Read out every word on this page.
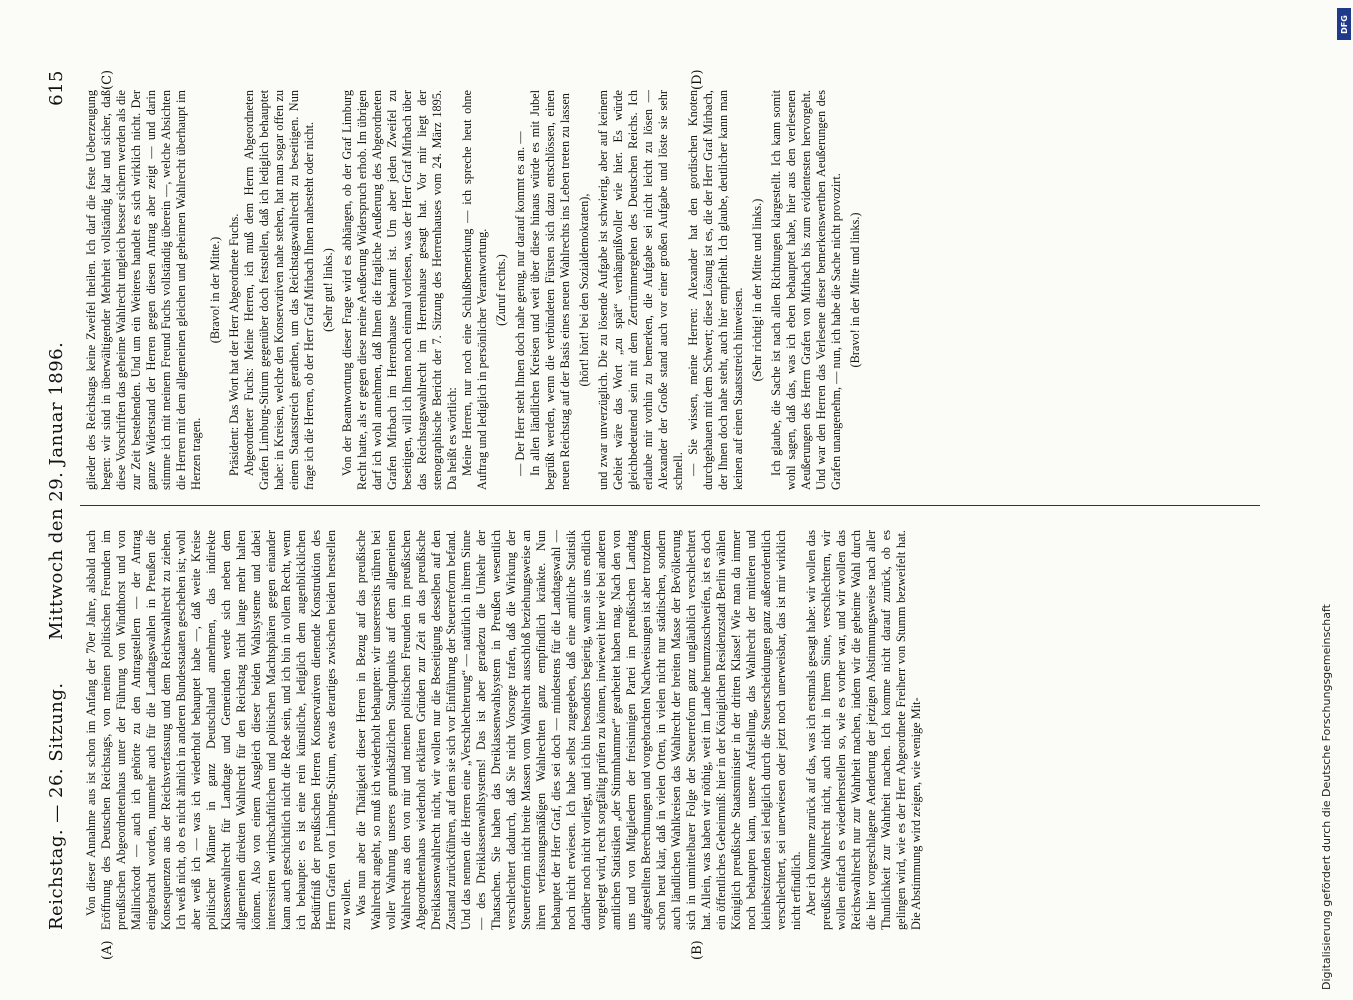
Reichstag. — 26. Sitzung.
Mittwoch den 29. Januar 1896.
615
(A)	(B)
(C)	(D)

Von dieser Annahme aus ist schon im Anfang der 70er Jahre, alsbald nach Eröffnung des Deutschen Reichstags, von meinen politischen Freunden im preußischen Abgeordnetenhaus unter der Führung von Windthorst und von Mallinckrodt — auch ich gehörte zu den Antragstellern — der Antrag eingebracht worden, nunmehr auch für die Landtagswahlen in Preußen die Konsequenzen aus der Reichsverfassung und dem Reichswahlrecht zu ziehen. Ich weiß nicht, ob es nicht ähnlich in anderen Bundesstaaten geschehen ist; wohl aber weiß ich — was ich wiederholt behauptet habe —, daß weite Kreise politischer Männer in ganz Deutschland annehmen, das indirekte Klassenwahlrecht für Landtage und Gemeinden werde sich neben dem allgemeinen direkten Wahlrecht für den Reichstag nicht lange mehr halten können. Also von einem Ausgleich dieser beiden Wahlsysteme und dabei interessirten wirthschaftlichen und politischen Machtsphären gegen einander kann auch geschichtlich nicht die Rede sein, und ich bin in vollem Recht, wenn ich behaupte: es ist eine rein künstliche, lediglich dem augenblicklichen Bedürfniß der preußischen Herren Konservativen dienende Konstruktion des Herrn Grafen von Limburg-Stirum, etwas derartiges zwischen beiden herstellen zu wollen. Was nun aber die Thätigkeit dieser Herren in Bezug auf das preußische Wahlrecht angeht, so muß ich wiederholt behaupten: wir unsererseits rühren bei voller Wahrung unseres grundsätzlichen Standpunkts auf dem allgemeinen Wahlrecht aus den von mir und meinen politischen Freunden im preußischen Abgeordnetenhaus wiederholt erklärten Gründen zur Zeit an das preußische Dreiklassenwahlrecht nicht, wir wollen nur die Beseitigung desselben auf den Zustand zurückführen, auf dem sie sich vor Einführung der Steuerreform befand. Und das nennen die Herren eine „Verschlechterung“ — natürlich in ihrem Sinne — des Dreiklassenwahlsystems! Das ist aber geradezu die Umkehr der Thatsachen. Sie haben das Dreiklassenwahlsystem in Preußen wesentlich verschlechtert dadurch, daß Sie nicht Vorsorge trafen, daß die Wirkung der Steuerreform nicht breite Massen vom Wahlrecht ausschloß beziehungsweise an ihren verfassungsmäßigen Wahlrechten ganz empfindlich kränkte. Nun behauptet der Herr Graf, dies sei doch — mindestens für die Landtagswahl — noch nicht erwiesen. Ich habe selbst zugegeben, daß eine amtliche Statistik darüber noch nicht vorliegt, und ich bin besonders begierig, wann sie uns endlich vorgelegt wird, recht sorgfältig prüfen zu können, inwieweit hier wie bei anderen amtlichen Statistiken „der Stimmhammer“ gearbeitet haben mag. Nach den von uns und von Mitgliedern der freisinnigen Partei im preußischen Landtag aufgestellten Berechnungen und vorgebrachten Nachweisungen ist aber trotzdem schon heut klar, daß in vielen Orten, in vielen nicht nur städtischen, sondern auch ländlichen Wahlkreisen das Wahlrecht der breiten Masse der Bevölkerung sich in unmittelbarer Folge der Steuerreform ganz ungläublich verschlechtert hat. Allein, was haben wir nöthig, weit im Lande herumzuschweifen, ist es doch ein öffentliches Geheimniß: hier in der Königlichen Residenzstadt Berlin wählen Königlich preußische Staatsminister in der dritten Klasse! Wie man da immer noch behaupten kann, unsere Aufstellung, das Wahlrecht der mittleren und kleinbesitzenden sei lediglich durch die Steuerscheidungen ganz außerordentlich verschlechtert, sei unerwiesen oder jetzt noch unerweisbar, das ist mir wirklich nicht erfindlich. Aber ich komme zurück auf das, was ich erstmals gesagt habe: wir wollen das preußische Wahlrecht nicht, auch nicht in Ihrem Sinne, verschlechtern, wir wollen einfach es wiederherstellen so, wie es vorher war, und wir wollen das Reichswahlrecht nur zur Wahrheit machen, indem wir die geheime Wahl durch die hier vorgeschlagene Aenderung der jetzigen Abstimmungsweise nach aller Thunlichkeit zur Wahrheit machen. Ich komme nicht darauf zurück, ob es gelingen wird, wie es der Herr Abgeordnete Freiherr von Stumm bezweifelt hat. Die Abstimmung wird zeigen, wie wenige Mit-

glieder des Reichstags keine Zweifel theilen. Ich darf die feste Ueberzeugung hegen: wir sind in überwältigender Mehrheit vollständig klar und sicher, daß diese Vorschriften das geheime Wahlrecht ungleich besser sichern werden als die zur Zeit bestehenden. Und um ein Weiteres handelt es sich wirklich nicht. Der ganze Widerstand der Herren gegen diesen Antrag aber zeigt — und darin stimme ich mit meinem Freund Fuchs vollständig überein —, welche Absichten die Herren mit dem allgemeinen gleichen und geheimen Wahlrecht überhaupt im Herzen tragen.

(Bravo! in der Mitte.) Präsident: Das Wort hat der Herr Abgeordnete Fuchs. Abgeordneter Fuchs: Meine Herren, ich muß dem Herrn Abgeordneten Grafen Limburg-Stirum gegenüber doch feststellen, daß ich lediglich behauptet habe: in Kreisen, welche den Konservativen nahe stehen, hat man sogar offen zu einem Staatsstreich gerathen, um das Reichstagswahlrecht zu beseitigen. Nun frage ich die Herren, ob der Herr Graf Mirbach Ihnen nahesteht oder nicht. (Sehr gut! links.) Von der Beantwortung dieser Frage wird es abhängen, ob der Graf Limburg Recht hatte, als er gegen diese meine Aeußerung Widerspruch erhob. Im übrigen darf ich wohl annehmen, daß Ihnen die fragliche Aeußerung des Abgeordneten Grafen Mirbach im Herrenhause bekannt ist. Um aber jeden Zweifel zu beseitigen, will ich Ihnen noch einmal vorlesen, was der Herr Graf Mirbach über das Reichstagswahlrecht im Herrenhause gesagt hat. Vor mir liegt der stenographische Bericht der 7. Sitzung des Herrenhauses vom 24. März 1895. Da heißt es wörtlich: Meine Herren, nur noch eine Schlußbemerkung — ich spreche heut ohne Auftrag und lediglich in persönlicher Verantwortung. (Zuruf rechts.) — Der Herr steht Ihnen doch nahe genug, nur darauf kommt es an. — In allen ländlichen Kreisen und weit über diese hinaus würde es mit Jubel begrüßt werden, wenn die verbündeten Fürsten sich dazu entschlössen, einen neuen Reichstag auf der Basis eines neuen Wahlrechts ins Leben treten zu lassen (hört! hört! bei den Sozialdemokraten), und zwar unverzüglich. Die zu lösende Aufgabe ist schwierig, aber auf keinem Gebiet wäre das Wort „zu spät“ verhängnißvoller wie hier. Es würde gleichbedeutend sein mit dem Zertrümmergehen des Deutschen Reichs. Ich erlaube mir vorhin zu bemerken, die Aufgabe sei nicht leicht zu lösen — Alexander der Große stand auch vor einer großen Aufgabe und löste sie sehr schnell. — Sie wissen, meine Herren: Alexander hat den gordischen Knoten durchgehauen mit dem Schwert; diese Lösung ist es, die der Herr Graf Mirbach, der Ihnen doch nahe steht, auch hier empfiehlt. Ich glaube, deutlicher kann man keinen auf einen Staatsstreich hinweisen. (Sehr richtig! in der Mitte und links.) Ich glaube, die Sache ist nach allen Richtungen klargestellt. Ich kann somit wohl sagen, daß das, was ich eben behauptet habe, hier aus den verlesenen Aeußerungen des Herrn Grafen von Mirbach bis zum evidentesten hervorgeht. Und war den Herren das Verlesene dieser bemerkenswerthen Aeußerungen des Grafen unangenehm, — nun, ich habe die Sache nicht provozirt. (Bravo! in der Mitte und links.)

Digitalisierung gefördert durch die Deutsche Forschungsgemeinschaft
DFG
